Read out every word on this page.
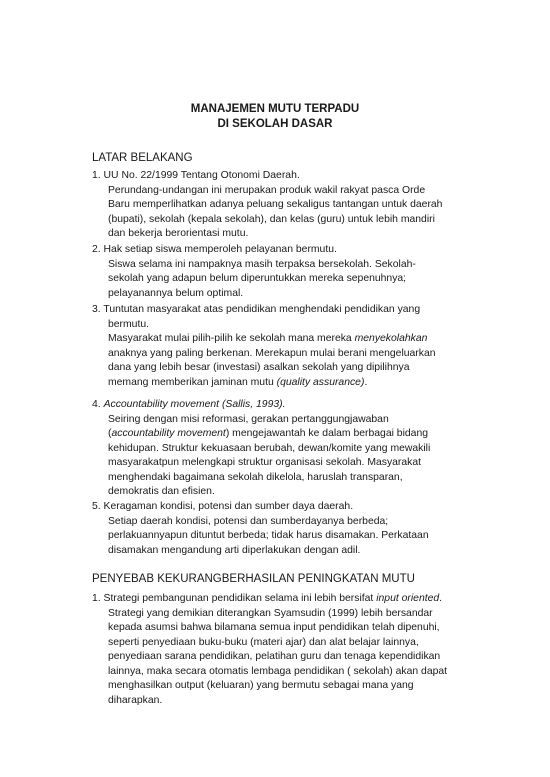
MANAJEMEN MUTU TERPADU
DI SEKOLAH DASAR
LATAR BELAKANG
1. UU No. 22/1999 Tentang Otonomi Daerah.
Perundang-undangan ini merupakan produk wakil rakyat pasca Orde
Baru memperlihatkan adanya peluang sekaligus tantangan untuk daerah
(bupati), sekolah (kepala sekolah), dan kelas (guru) untuk lebih mandiri
dan bekerja berorientasi mutu.
2. Hak setiap siswa memperoleh pelayanan bermutu.
Siswa selama ini nampaknya masih terpaksa bersekolah. Sekolah-
sekolah yang adapun belum diperuntukkan mereka sepenuhnya;
pelayanannya belum optimal.
3. Tuntutan masyarakat atas pendidikan menghendaki pendidikan yang
bermutu.
Masyarakat mulai pilih-pilih ke sekolah mana mereka menyekolahkan
anaknya yang paling berkenan. Merekapun mulai berani mengeluarkan
dana yang lebih besar (investasi) asalkan sekolah yang dipilihnya
memang memberikan jaminan mutu (quality assurance).
4. Accountability movement (Sallis, 1993).
Seiring dengan misi reformasi, gerakan pertanggungjawaban
(accountability movement) mengejawantah ke dalam berbagai bidang
kehidupan. Struktur kekuasaan berubah, dewan/komite yang mewakili
masyarakatpun melengkapi struktur organisasi sekolah. Masyarakat
menghendaki bagaimana sekolah dikelola, haruslah transparan,
demokratis dan efisien.
5. Keragaman kondisi, potensi dan sumber daya daerah.
Setiap daerah kondisi, potensi dan sumberdayanya berbeda;
perlakuannyapun dituntut berbeda; tidak harus disamakan. Perkataan
disamakan mengandung arti diperlakukan dengan adil.
PENYEBAB KEKURANGBERHASILAN PENINGKATAN MUTU
1. Strategi pembangunan pendidikan selama ini lebih bersifat input oriented.
Strategi yang demikian diterangkan Syamsudin (1999) lebih bersandar
kepada asumsi bahwa bilamana semua input pendidikan telah dipenuhi,
seperti penyediaan buku-buku (materi ajar) dan alat belajar lainnya,
penyediaan sarana pendidikan, pelatihan guru dan tenaga kependidikan
lainnya, maka secara otomatis lembaga pendidikan ( sekolah) akan dapat
menghasilkan output (keluaran) yang bermutu sebagai mana yang
diharapkan.
